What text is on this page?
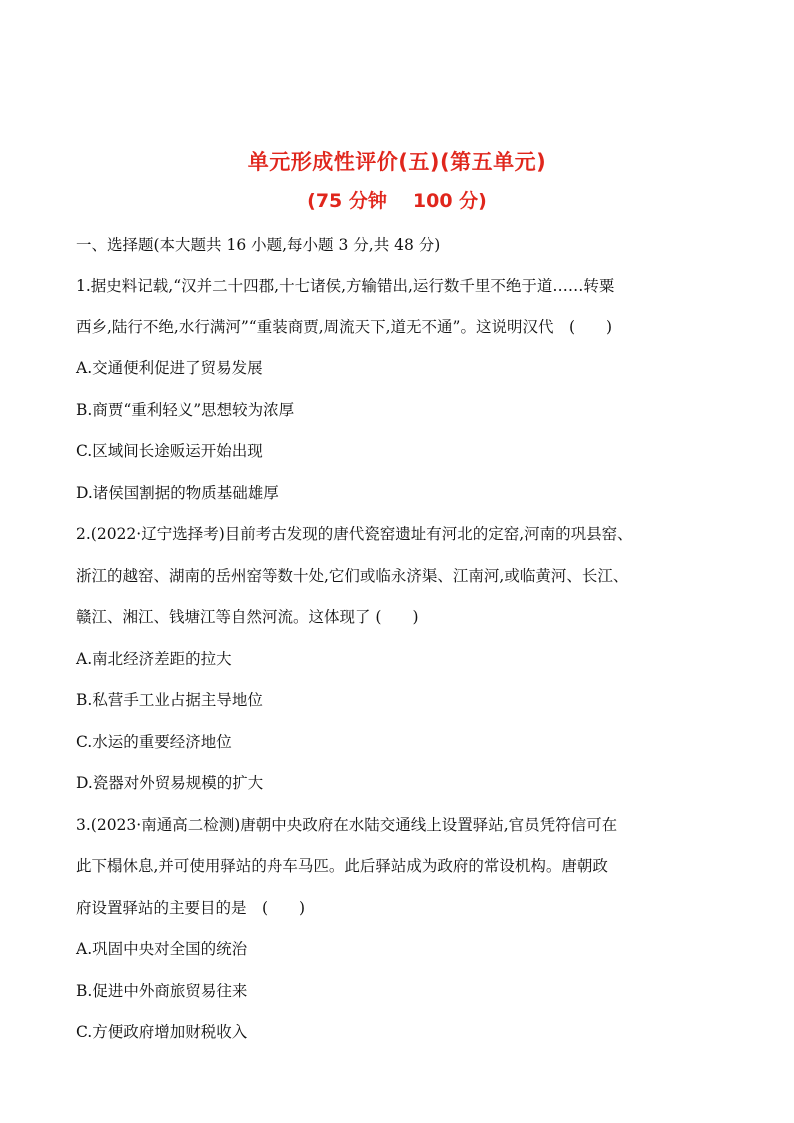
单元形成性评价(五)(第五单元)
(75 分钟 100 分)
一、选择题(本大题共 16 小题,每小题 3 分,共 48 分)
1.据史料记载,“汉并二十四郡,十七诸侯,方输错出,运行数千里不绝于道……转粟
西乡,陆行不绝,水行满河”“重装商贾,周流天下,道无不通”。这说明汉代　(　　)
A.交通便利促进了贸易发展
B.商贾“重利轻义”思想较为浓厚
C.区域间长途贩运开始出现
D.诸侯国割据的物质基础雄厚
2.(2022·辽宁选择考)目前考古发现的唐代瓷窑遗址有河北的定窑,河南的巩县窑、
浙江的越窑、湖南的岳州窑等数十处,它们或临永济渠、江南河,或临黄河、长江、
赣江、湘江、钱塘江等自然河流。这体现了 (　　)
A.南北经济差距的拉大
B.私营手工业占据主导地位
C.水运的重要经济地位
D.瓷器对外贸易规模的扩大
3.(2023·南通高二检测)唐朝中央政府在水陆交通线上设置驿站,官员凭符信可在
此下榻休息,并可使用驿站的舟车马匹。此后驿站成为政府的常设机构。唐朝政
府设置驿站的主要目的是　(　　)
A.巩固中央对全国的统治
B.促进中外商旅贸易往来
C.方便政府增加财税收入
